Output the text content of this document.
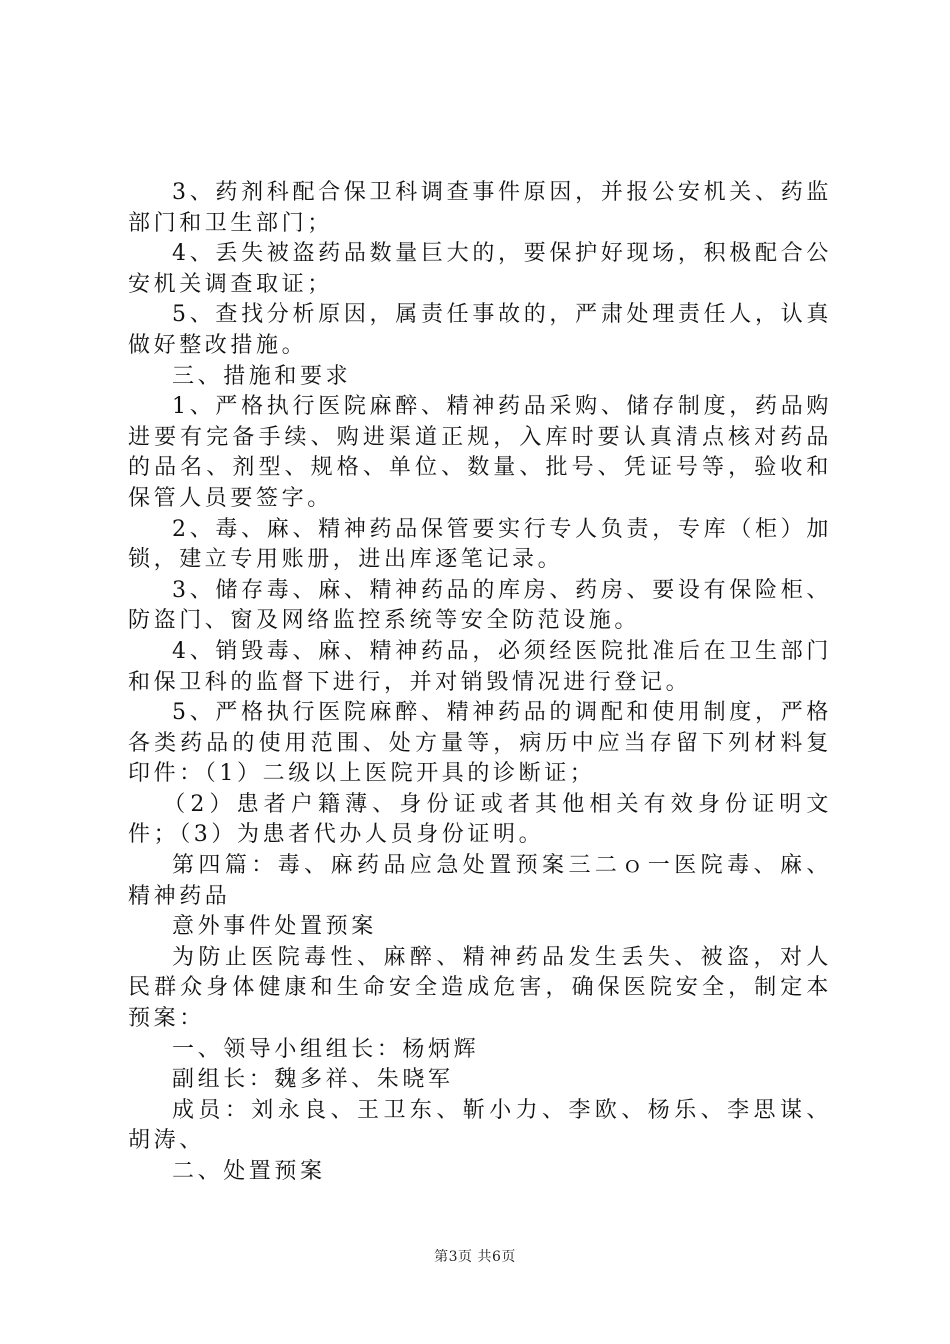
3、药剂科配合保卫科调查事件原因，并报公安机关、药监部门和卫生部门；

4、丢失被盗药品数量巨大的，要保护好现场，积极配合公安机关调查取证；

5、查找分析原因，属责任事故的，严肃处理责任人，认真做好整改措施。

三、措施和要求

1、严格执行医院麻醉、精神药品采购、储存制度，药品购进要有完备手续、购进渠道正规，入库时要认真清点核对药品的品名、剂型、规格、单位、数量、批号、凭证号等，验收和保管人员要签字。

2、毒、麻、精神药品保管要实行专人负责，专库（柜）加锁，建立专用账册，进出库逐笔记录。

3、储存毒、麻、精神药品的库房、药房、要设有保险柜、防盗门、窗及网络监控系统等安全防范设施。

4、销毁毒、麻、精神药品，必须经医院批准后在卫生部门和保卫科的监督下进行，并对销毁情况进行登记。

5、严格执行医院麻醉、精神药品的调配和使用制度，严格各类药品的使用范围、处方量等，病历中应当存留下列材料复印件：（1）二级以上医院开具的诊断证；

（2）患者户籍薄、身份证或者其他相关有效身份证明文件；（3）为患者代办人员身份证明。

第四篇：毒、麻药品应急处置预案三二ｏ一医院毒、麻、精神药品

意外事件处置预案

为防止医院毒性、麻醉、精神药品发生丢失、被盗，对人民群众身体健康和生命安全造成危害，确保医院安全，制定本预案：

一、领导小组组长：杨炳辉

副组长：魏多祥、朱晓军

成员：刘永良、王卫东、靳小力、李欧、杨乐、李思谋、胡涛、

二、处置预案

第3页 共6页
